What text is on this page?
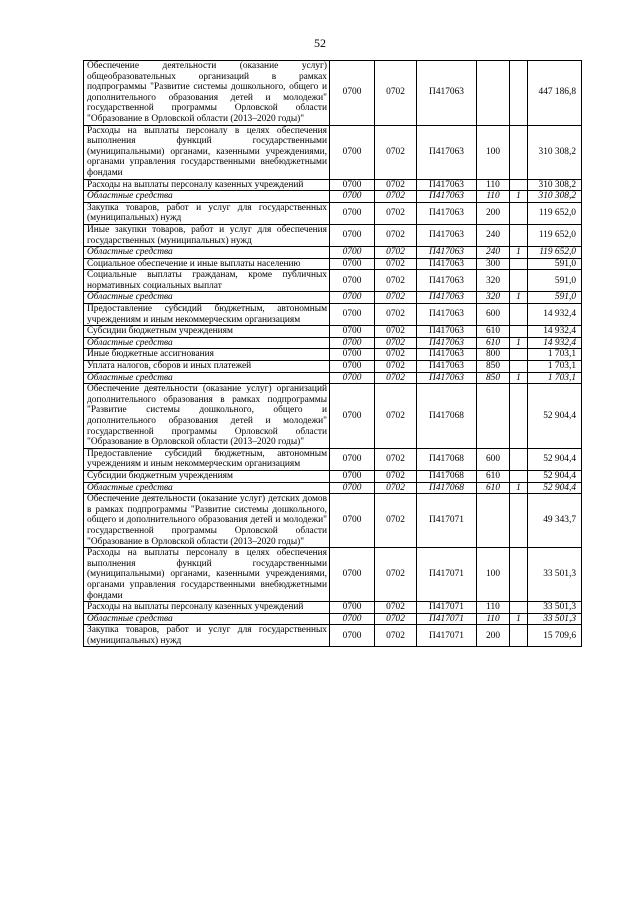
52
Обеспечение деятельности (оказание услуг) общеобразовательных организаций в рамках подпрограммы "Развитие системы дошкольного, общего и дополнительного образования детей и молодежи" государственной программы Орловской области "Образование в Орловской области (2013–2020 годы)"	0700	0702	П417063			447 186,8
Расходы на выплаты персоналу в целях обеспечения выполнения функций государственными (муниципальными) органами, казенными учреждениями, органами управления государственными внебюджетными фондами	0700	0702	П417063	100		310 308,2
Расходы на выплаты персоналу казенных учреждений	0700	0702	П417063	110		310 308,2
Областные средства	0700	0702	П417063	110	1	310 308,2
Закупка товаров, работ и услуг для государственных (муниципальных) нужд	0700	0702	П417063	200		119 652,0
Иные закупки товаров, работ и услуг для обеспечения государственных (муниципальных) нужд	0700	0702	П417063	240		119 652,0
Областные средства	0700	0702	П417063	240	1	119 652,0
Социальное обеспечение и иные выплаты населению	0700	0702	П417063	300		591,0
Социальные выплаты гражданам, кроме публичных нормативных социальных выплат	0700	0702	П417063	320		591,0
Областные средства	0700	0702	П417063	320	1	591,0
Предоставление субсидий бюджетным, автономным учреждениям и иным некоммерческим организациям	0700	0702	П417063	600		14 932,4
Субсидии бюджетным учреждениям	0700	0702	П417063	610		14 932,4
Областные средства	0700	0702	П417063	610	1	14 932,4
Иные бюджетные ассигнования	0700	0702	П417063	800		1 703,1
Уплата налогов, сборов и иных платежей	0700	0702	П417063	850		1 703,1
Областные средства	0700	0702	П417063	850	1	1 703,1
Обеспечение деятельности (оказание услуг) организаций дополнительного образования в рамках подпрограммы "Развитие системы дошкольного, общего и дополнительного образования детей и молодежи" государственной программы Орловской области "Образование в Орловской области (2013–2020 годы)"	0700	0702	П417068			52 904,4
Предоставление субсидий бюджетным, автономным учреждениям и иным некоммерческим организациям	0700	0702	П417068	600		52 904,4
Субсидии бюджетным учреждениям	0700	0702	П417068	610		52 904,4
Областные средства	0700	0702	П417068	610	1	52 904,4
Обеспечение деятельности (оказание услуг) детских домов в рамках подпрограммы "Развитие системы дошкольного, общего и дополнительного образования детей и молодежи" государственной программы Орловской области "Образование в Орловской области (2013–2020 годы)"	0700	0702	П417071			49 343,7
Расходы на выплаты персоналу в целях обеспечения выполнения функций государственными (муниципальными) органами, казенными учреждениями, органами управления государственными внебюджетными фондами	0700	0702	П417071	100		33 501,3
Расходы на выплаты персоналу казенных учреждений	0700	0702	П417071	110		33 501,3
Областные средства	0700	0702	П417071	110	1	33 501,3
Закупка товаров, работ и услуг для государственных (муниципальных) нужд	0700	0702	П417071	200		15 709,6
